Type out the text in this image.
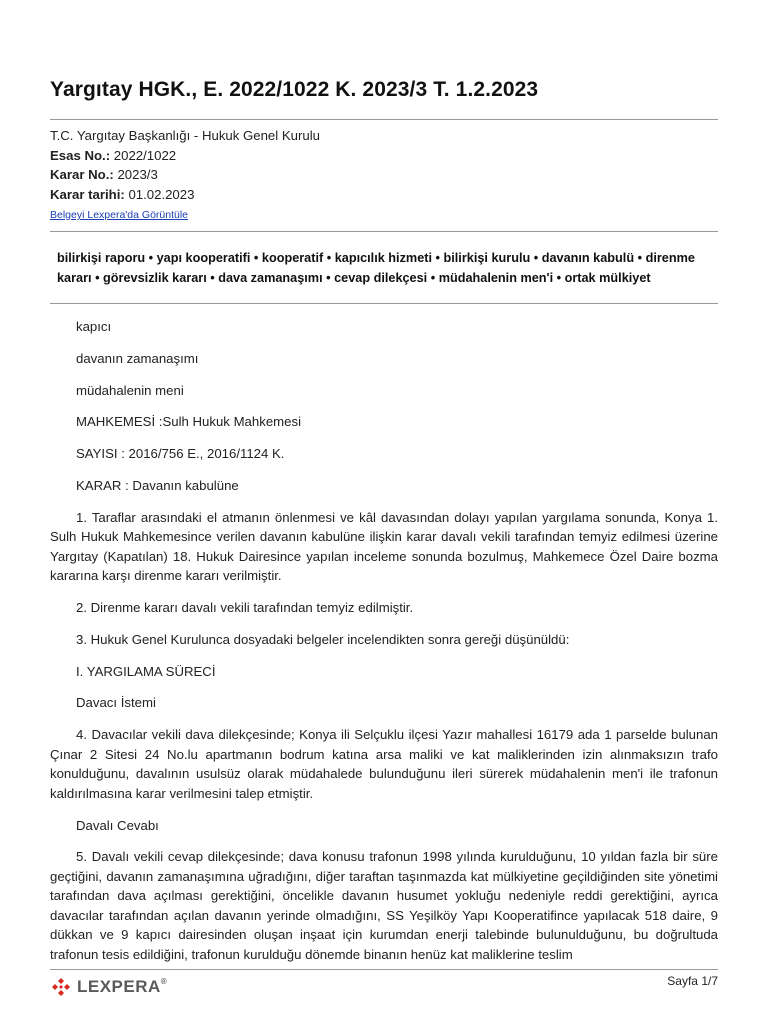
Yargıtay HGK., E. 2022/1022 K. 2023/3 T. 1.2.2023
T.C. Yargıtay Başkanlığı - Hukuk Genel Kurulu
Esas No.: 2022/1022
Karar No.: 2023/3
Karar tarihi: 01.02.2023
Belgeyi Lexpera'da Görüntüle
bilirkişi raporu • yapı kooperatifi • kooperatif • kapıcılık hizmeti • bilirkişi kurulu • davanın kabulü • direnme
kararı • görevsizlik kararı • dava zamanaşımı • cevap dilekçesi • müdahalenin men'i • ortak mülkiyet

kapıcı

davanın zamanaşımı

müdahalenin meni

MAHKEMESİ :Sulh Hukuk Mahkemesi

SAYISI : 2016/756 E., 2016/1124 K.

KARAR : Davanın kabulüne

1. Taraflar arasındaki el atmanın önlenmesi ve kâl davasından dolayı yapılan yargılama sonunda, Konya 1. Sulh Hukuk Mahkemesince verilen davanın kabulüne ilişkin karar davalı vekili tarafından temyiz edilmesi üzerine Yargıtay (Kapatılan) 18. Hukuk Dairesince yapılan inceleme sonunda bozulmuş, Mahkemece Özel Daire bozma kararına karşı direnme kararı verilmiştir.

2. Direnme kararı davalı vekili tarafından temyiz edilmiştir.

3. Hukuk Genel Kurulunca dosyadaki belgeler incelendikten sonra gereği düşünüldü:

I. YARGILAMA SÜRECİ

Davacı İstemi

4. Davacılar vekili dava dilekçesinde; Konya ili Selçuklu ilçesi Yazır mahallesi 16179 ada 1 parselde bulunan Çınar 2 Sitesi 24 No.lu apartmanın bodrum katına arsa maliki ve kat maliklerinden izin alınmaksızın trafo konulduğunu, davalının usulsüz olarak müdahalede bulunduğunu ileri sürerek müdahalenin men'i ile trafonun kaldırılmasına karar verilmesini talep etmiştir.

Davalı Cevabı

5. Davalı vekili cevap dilekçesinde; dava konusu trafonun 1998 yılında kurulduğunu, 10 yıldan fazla bir süre geçtiğini, davanın zamanaşımına uğradığını, diğer taraftan taşınmazda kat mülkiyetine geçildiğinden site yönetimi tarafından dava açılması gerektiğini, öncelikle davanın husumet yokluğu nedeniyle reddi gerektiğini, ayrıca davacılar tarafından açılan davanın yerinde olmadığını, SS Yeşilköy Yapı Kooperatifince yapılacak 518 daire, 9 dükkan ve 9 kapıcı dairesinden oluşan inşaat için kurumdan enerji talebinde bulunulduğunu, bu doğrultuda trafonun tesis edildiğini, trafonun kurulduğu dönemde binanın henüz kat maliklerine teslim

LEXPERA®	Sayfa 1/7
